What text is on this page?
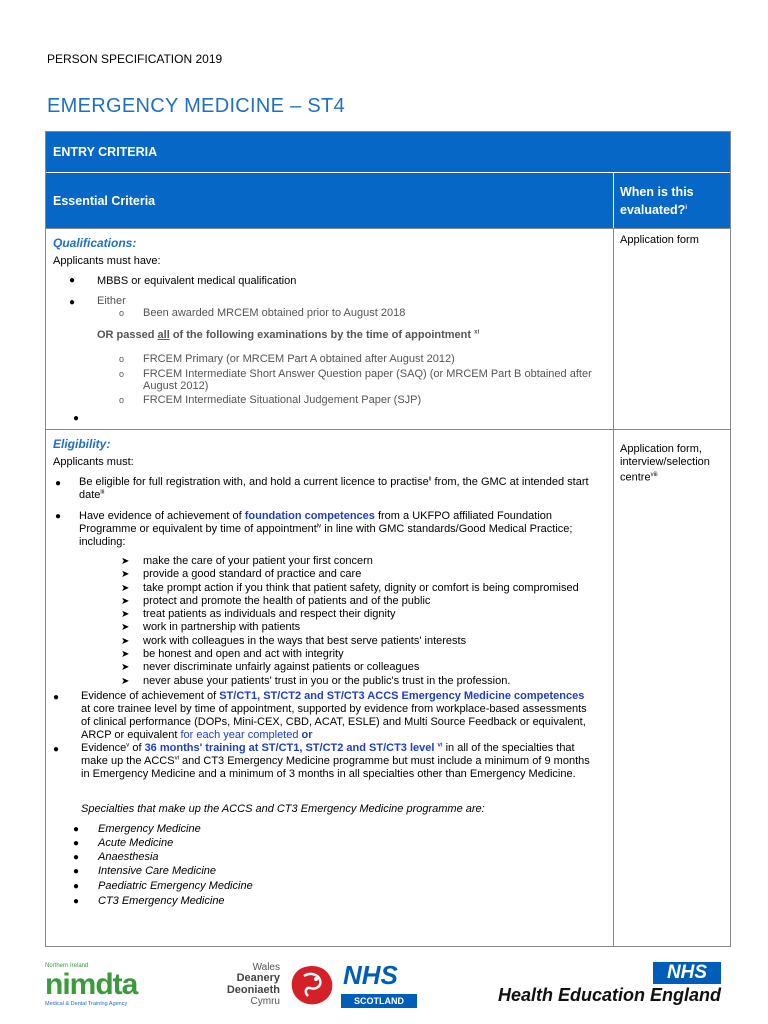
PERSON SPECIFICATION 2019
EMERGENCY MEDICINE – ST4
ENTRY CRITERIA
Essential Criteria
When is this
evaluated?$^i$
Qualifications:
Applicants must have:
● MBBS or equivalent medical qualification
● Either
o Been awarded MRCEM obtained prior to August 2018
OR passed all of the following examinations by the time of appointment $^{xi}$
o FRCEM Primary (or MRCEM Part A obtained after August 2012)
o FRCEM Intermediate Short Answer Question paper (SAQ) (or MRCEM Part B obtained after
August 2012)
o FRCEM Intermediate Situational Judgement Paper (SJP)
●
Application form
Eligibility:
Applicants must:
● Be eligible for full registration with, and hold a current licence to practise$^{ii}$ from, the GMC at intended start
date$^{iii}$
● Have evidence of achievement of foundation competences from a UKFPO affiliated Foundation
Programme or equivalent by time of appointment$^{iv}$ in line with GMC standards/Good Medical Practice;
including:
➤ make the care of your patient your first concern
➤ provide a good standard of practice and care
➤ take prompt action if you think that patient safety, dignity or comfort is being compromised
➤ protect and promote the health of patients and of the public
➤ treat patients as individuals and respect their dignity
➤ work in partnership with patients
➤ work with colleagues in the ways that best serve patients' interests
➤ be honest and open and act with integrity
➤ never discriminate unfairly against patients or colleagues
➤ never abuse your patients' trust in you or the public's trust in the profession.
● Evidence of achievement of ST/CT1, ST/CT2 and ST/CT3 ACCS Emergency Medicine competences
at core trainee level by time of appointment, supported by evidence from workplace-based assessments
of clinical performance (DOPs, Mini-CEX, CBD, ACAT, ESLE) and Multi Source Feedback or equivalent,
ARCP or equivalent for each year completed or
● Evidence$^v$ of 36 months' training at ST/CT1, ST/CT2 and ST/CT3 level $^{vi}$ in all of the specialties that
make up the ACCS$^{vi}$ and CT3 Emergency Medicine programme but must include a minimum of 9 months
in Emergency Medicine and a minimum of 3 months in all specialties other than Emergency Medicine.
Specialties that make up the ACCS and CT3 Emergency Medicine programme are:
● Emergency Medicine
● Acute Medicine
● Anaesthesia
● Intensive Care Medicine
● Paediatric Emergency Medicine
● CT3 Emergency Medicine
Application form,
interview/selection
centre$^{viii}$
Northern Ireland
nimdta
Medical & Dental Training Agency
Wales
Deanery
Deoniaeth
Cymru
NHS
SCOTLAND
NHS
Health Education England
